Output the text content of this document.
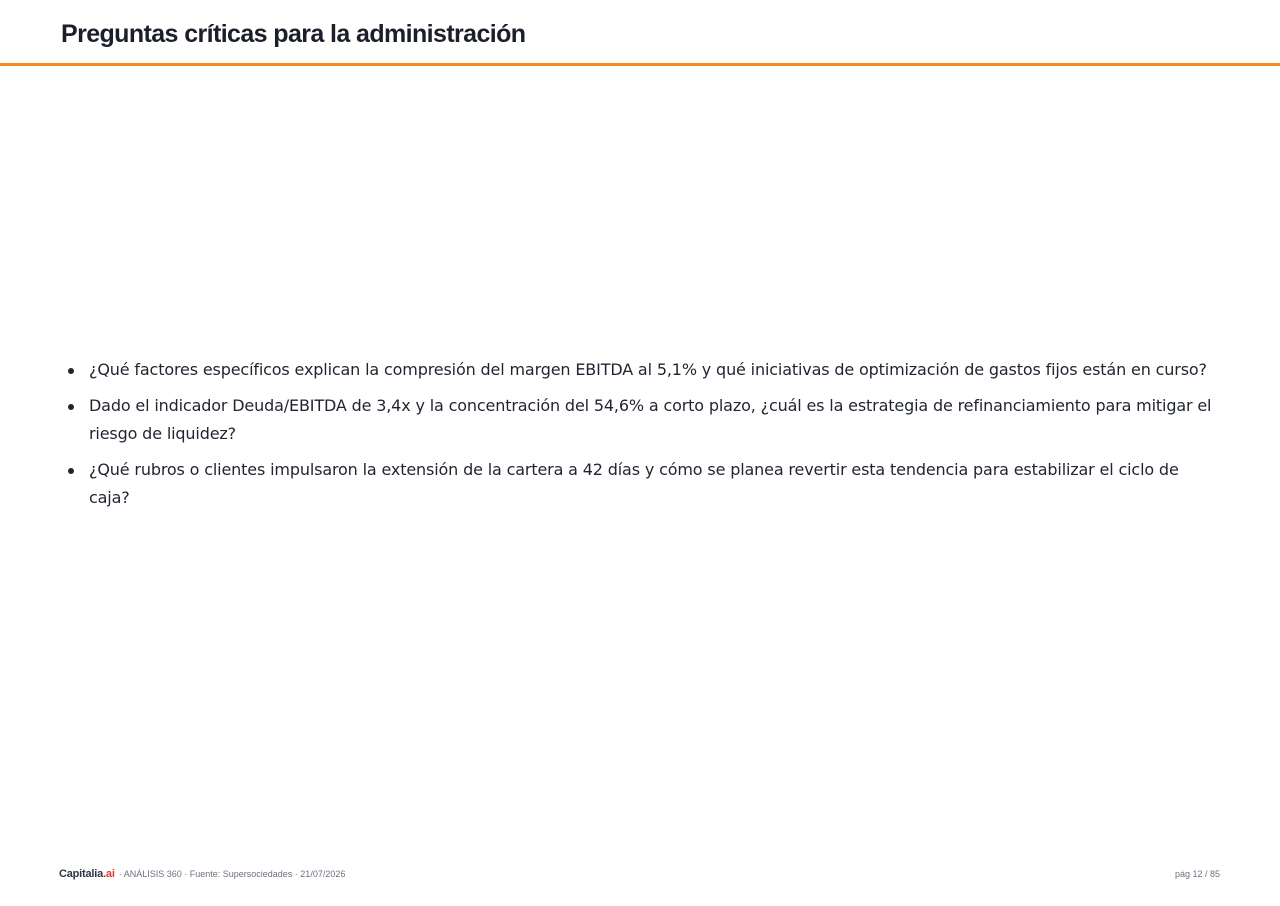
Preguntas críticas para la administración
¿Qué factores específicos explican la compresión del margen EBITDA al 5,1% y qué iniciativas de optimización de gastos fijos están en curso?
Dado el indicador Deuda/EBITDA de 3,4x y la concentración del 54,6% a corto plazo, ¿cuál es la estrategia de refinanciamiento para mitigar el riesgo de liquidez?
¿Qué rubros o clientes impulsaron la extensión de la cartera a 42 días y cómo se planea revertir esta tendencia para estabilizar el ciclo de caja?
Capitalia.ai · ANÁLISIS 360 · Fuente: Supersociedades · 21/07/2026	pág 12 / 85
